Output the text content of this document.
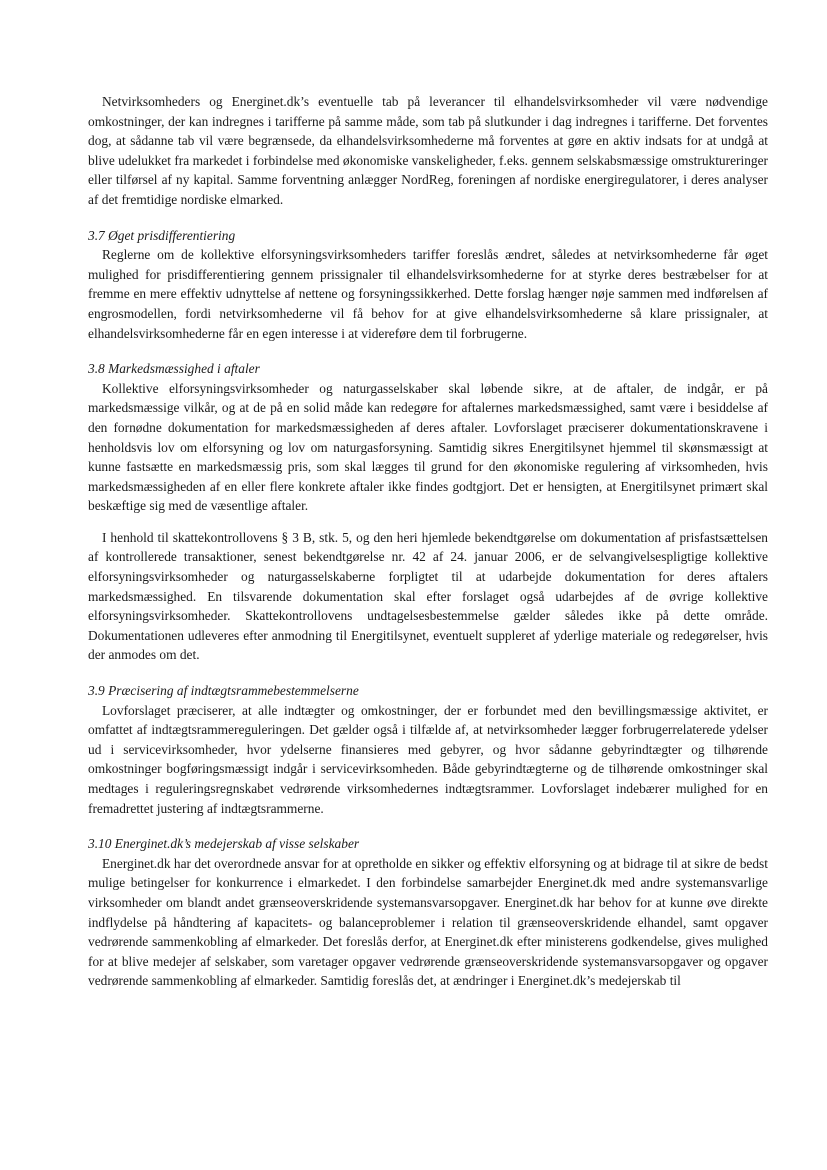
Netvirksomheders og Energinet.dk’s eventuelle tab på leverancer til elhandelsvirksomheder vil være nødvendige omkostninger, der kan indregnes i tarifferne på samme måde, som tab på slutkunder i dag indregnes i tarifferne. Det forventes dog, at sådanne tab vil være begrænsede, da elhandelsvirksomhederne må forventes at gøre en aktiv indsats for at undgå at blive udelukket fra markedet i forbindelse med økonomiske vanskeligheder, f.eks. gennem selskabsmæssige omstruktureringer eller tilførsel af ny kapital. Samme forventning anlægger NordReg, foreningen af nordiske energiregulatorer, i deres analyser af det fremtidige nordiske elmarked.

3.7 Øget prisdifferentiering

Reglerne om de kollektive elforsyningsvirksomheders tariffer foreslås ændret, således at netvirksomhederne får øget mulighed for prisdifferentiering gennem prissignaler til elhandelsvirksomhederne for at styrke deres bestræbelser for at fremme en mere effektiv udnyttelse af nettene og forsyningssikkerhed. Dette forslag hænger nøje sammen med indførelsen af engrosmodellen, fordi netvirksomhederne vil få behov for at give elhandelsvirksomhederne så klare prissignaler, at elhandelsvirksomhederne får en egen interesse i at videreføre dem til forbrugerne.

3.8 Markedsmæssighed i aftaler

Kollektive elforsyningsvirksomheder og naturgasselskaber skal løbende sikre, at de aftaler, de indgår, er på markedsmæssige vilkår, og at de på en solid måde kan redegøre for aftalernes markedsmæssighed, samt være i besiddelse af den fornødne dokumentation for markedsmæssigheden af deres aftaler. Lovforslaget præciserer dokumentationskravene i henholdsvis lov om elforsyning og lov om naturgasforsyning. Samtidig sikres Energitilsynet hjemmel til skønsmæssigt at kunne fastsætte en markedsmæssig pris, som skal lægges til grund for den økonomiske regulering af virksomheden, hvis markedsmæssigheden af en eller flere konkrete aftaler ikke findes godtgjort. Det er hensigten, at Energitilsynet primært skal beskæftige sig med de væsentlige aftaler.

I henhold til skattekontrollovens § 3 B, stk. 5, og den heri hjemlede bekendtgørelse om dokumentation af prisfastsættelsen af kontrollerede transaktioner, senest bekendtgørelse nr. 42 af 24. januar 2006, er de selvangivelsespligtige kollektive elforsyningsvirksomheder og naturgasselskaberne forpligtet til at udarbejde dokumentation for deres aftalers markedsmæssighed. En tilsvarende dokumentation skal efter forslaget også udarbejdes af de øvrige kollektive elforsyningsvirksomheder. Skattekontrollovens undtagelsesbestemmelse gælder således ikke på dette område. Dokumentationen udleveres efter anmodning til Energitilsynet, eventuelt suppleret af yderlige materiale og redegørelser, hvis der anmodes om det.

3.9 Præcisering af indtægtsrammebestemmelserne

Lovforslaget præciserer, at alle indtægter og omkostninger, der er forbundet med den bevillingsmæssige aktivitet, er omfattet af indtægtsrammereguleringen. Det gælder også i tilfælde af, at netvirksomheder lægger forbrugerrelaterede ydelser ud i servicevirksomheder, hvor ydelserne finansieres med gebyrer, og hvor sådanne gebyrindtægter og tilhørende omkostninger bogføringsmæssigt indgår i servicevirksomheden. Både gebyrindtægterne og de tilhørende omkostninger skal medtages i reguleringsregnskabet vedrørende virksomhedernes indtægtsrammer. Lovforslaget indebærer mulighed for en fremadrettet justering af indtægtsrammerne.

3.10 Energinet.dk’s medejerskab af visse selskaber

Energinet.dk har det overordnede ansvar for at opretholde en sikker og effektiv elforsyning og at bidrage til at sikre de bedst mulige betingelser for konkurrence i elmarkedet. I den forbindelse samarbejder Energinet.dk med andre systemansvarlige virksomheder om blandt andet grænseoverskridende systemansvarsopgaver. Energinet.dk har behov for at kunne øve direkte indflydelse på håndtering af kapacitets- og balanceproblemer i relation til grænseoverskridende elhandel, samt opgaver vedrørende sammenkobling af elmarkeder. Det foreslås derfor, at Energinet.dk efter ministerens godkendelse, gives mulighed for at blive medejer af selskaber, som varetager opgaver vedrørende grænseoverskridende systemansvarsopgaver og opgaver vedrørende sammenkobling af elmarkeder. Samtidig foreslås det, at ændringer i Energinet.dk’s medejerskab til
